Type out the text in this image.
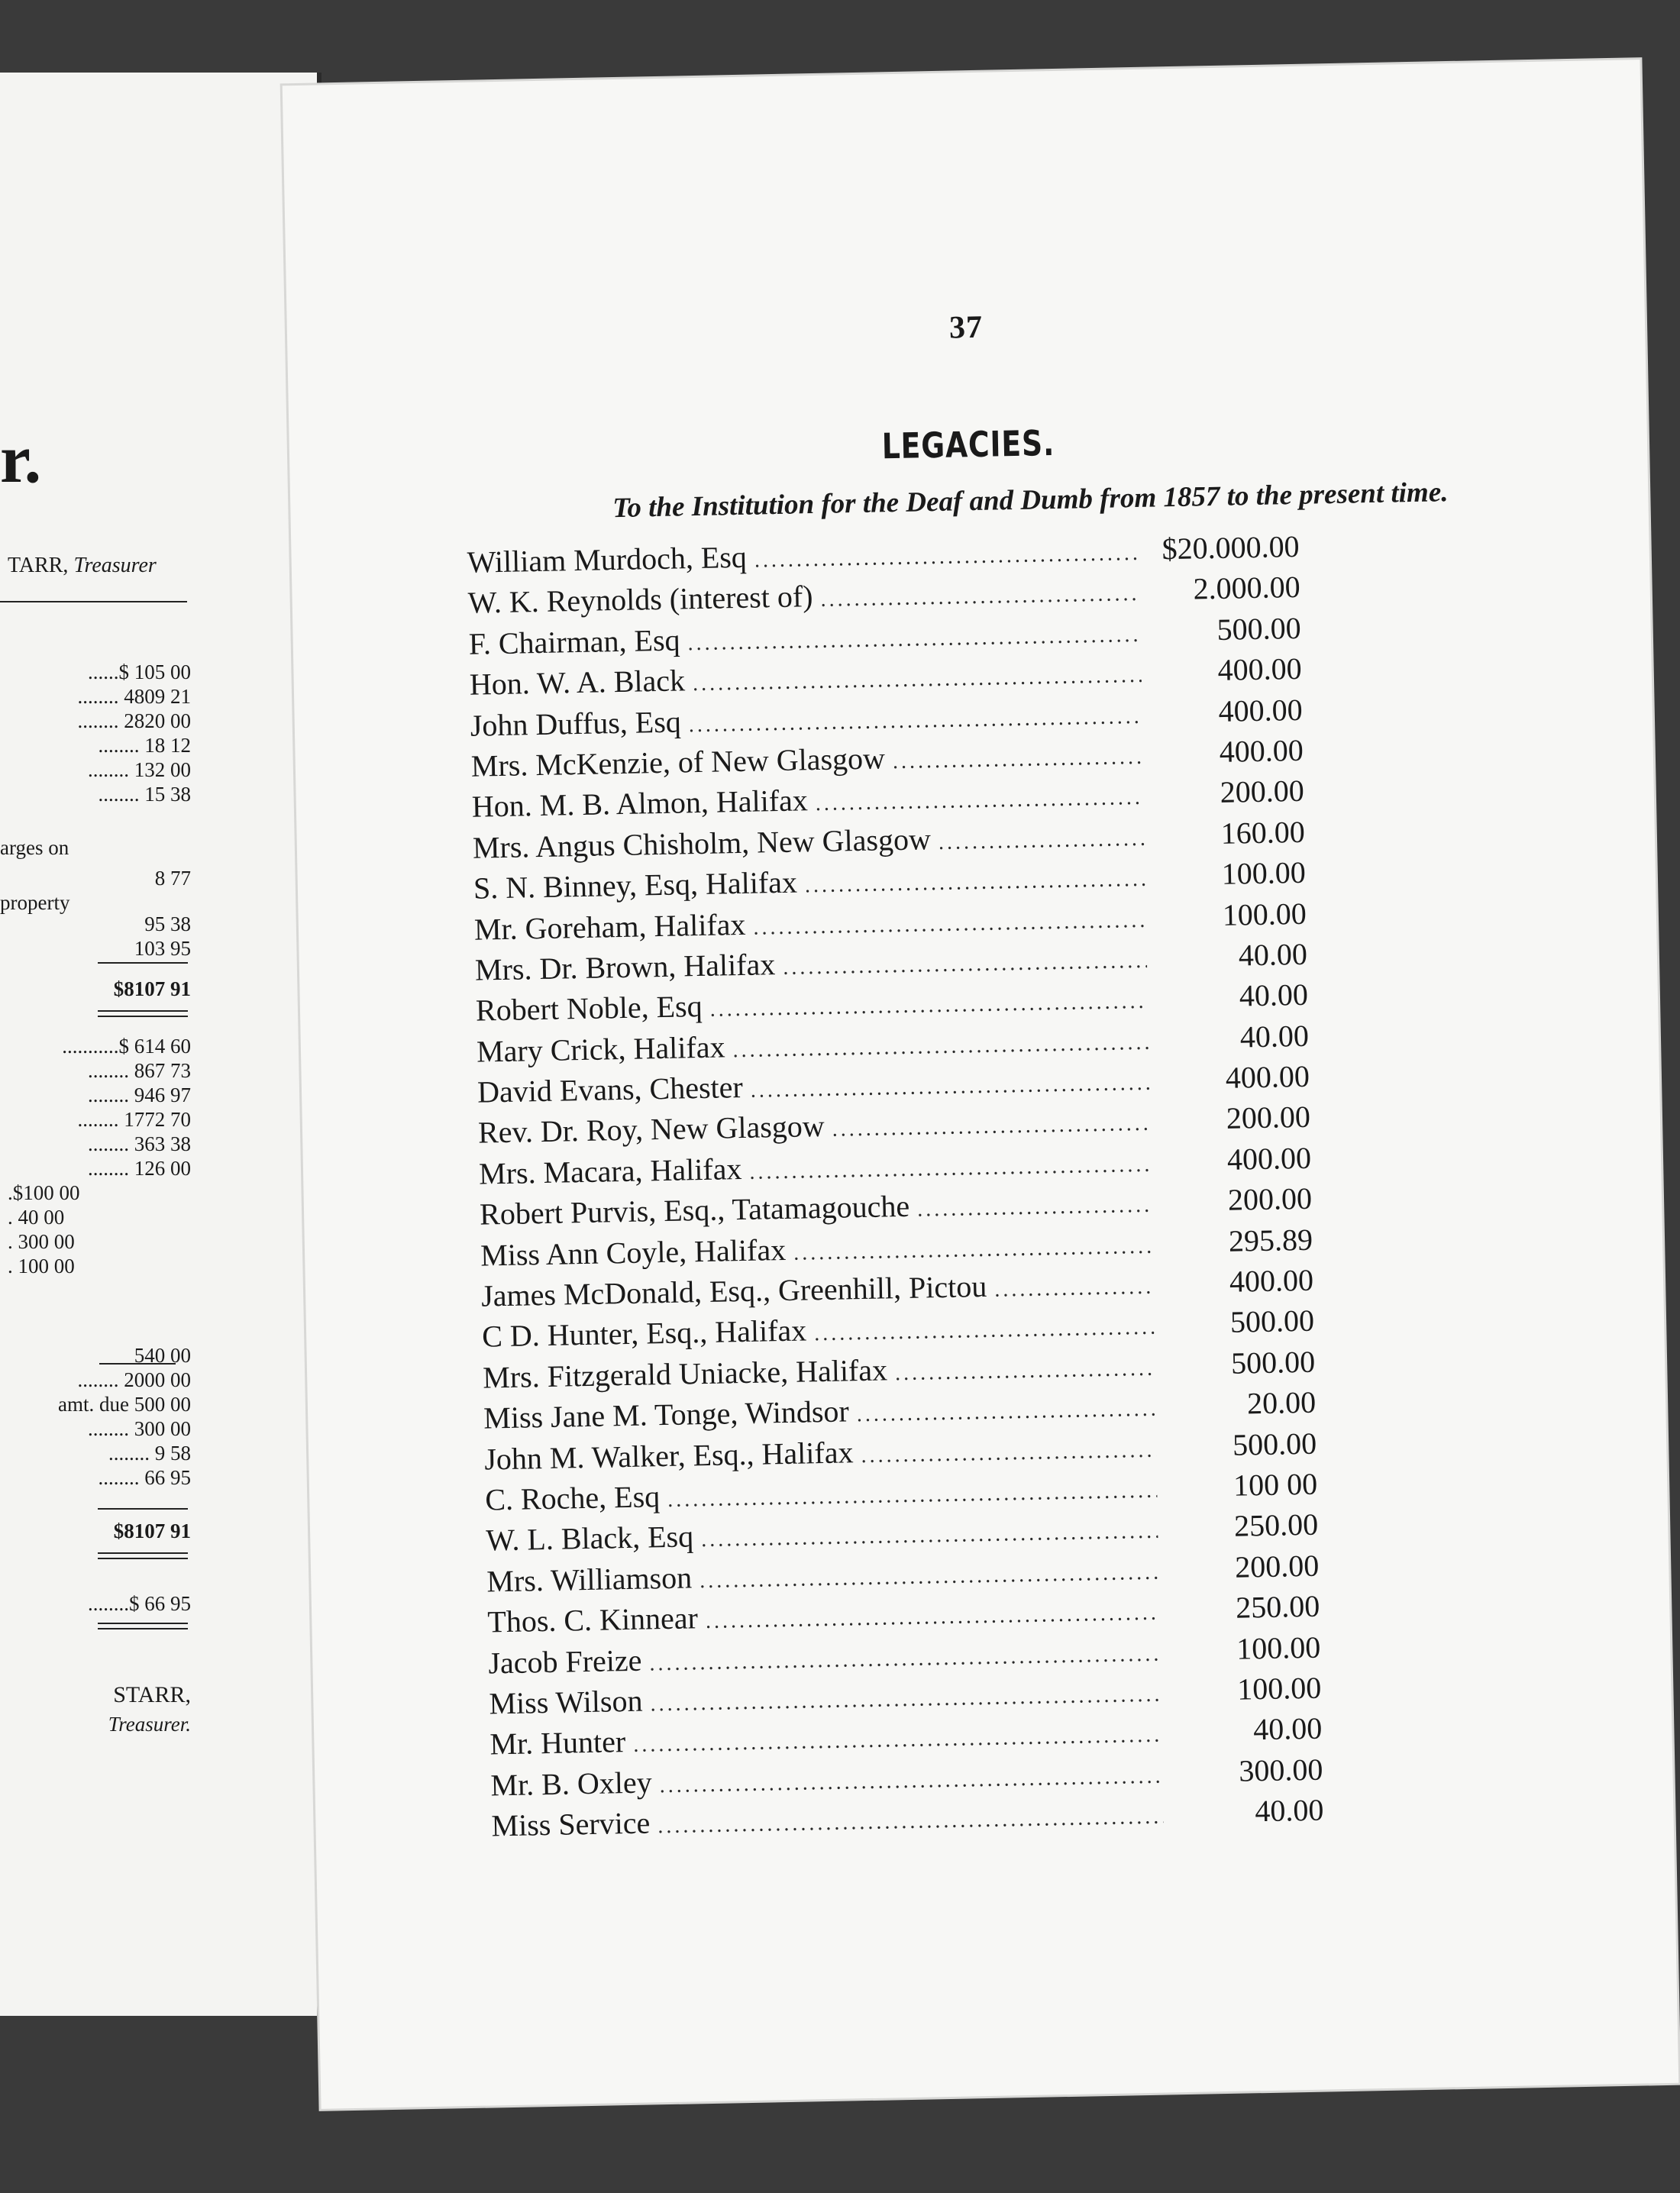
r.
TARR, Treasurer
......$ 105 00
........ 4809 21
........ 2820 00
........ 18 12
........ 132 00
........ 15 38
arges on
8 77
property
95 38
103 95
$8107 91
...........$ 614 60
........ 867 73
........ 946 97
........ 1772 70
........ 363 38
........ 126 00
.$100 00
. 40 00
. 300 00
. 100 00
540 00
........ 2000 00
amt. due 500 00
........ 300 00
........ 9 58
........ 66 95
$8107 91
........$ 66 95
STARR,
Treasurer.
37
LEGACIES.
To the Institution for the Deaf and Dumb from 1857 to the present time.
William Murdoch, Esq .....	$20.000.00
W. K. Reynolds (interest of) .....	2.000.00
F. Chairman, Esq .....	500.00
Hon. W. A. Black .....	400.00
John Duffus, Esq .....	400.00
Mrs. McKenzie, of New Glasgow .....	400.00
Hon. M. B. Almon, Halifax .....	200.00
Mrs. Angus Chisholm, New Glasgow .....	160.00
S. N. Binney, Esq, Halifax .....	100.00
Mr. Goreham, Halifax .....	100.00
Mrs. Dr. Brown, Halifax .....	40.00
Robert Noble, Esq .....	40.00
Mary Crick, Halifax .....	40.00
David Evans, Chester .....	400.00
Rev. Dr. Roy, New Glasgow .....	200.00
Mrs. Macara, Halifax .....	400.00
Robert Purvis, Esq., Tatamagouche .....	200.00
Miss Ann Coyle, Halifax .....	295.89
James McDonald, Esq., Greenhill, Pictou .....	400.00
C D. Hunter, Esq., Halifax .....	500.00
Mrs. Fitzgerald Uniacke, Halifax .....	500.00
Miss Jane M. Tonge, Windsor .....	20.00
John M. Walker, Esq., Halifax .....	500.00
C. Roche, Esq .....	100 00
W. L. Black, Esq .....	250.00
Mrs. Williamson .....	200.00
Thos. C. Kinnear .....	250.00
Jacob Freize .....	100.00
Miss Wilson .....	100.00
Mr. Hunter .....	40.00
Mr. B. Oxley .....	300.00
Miss Service .....	40.00
